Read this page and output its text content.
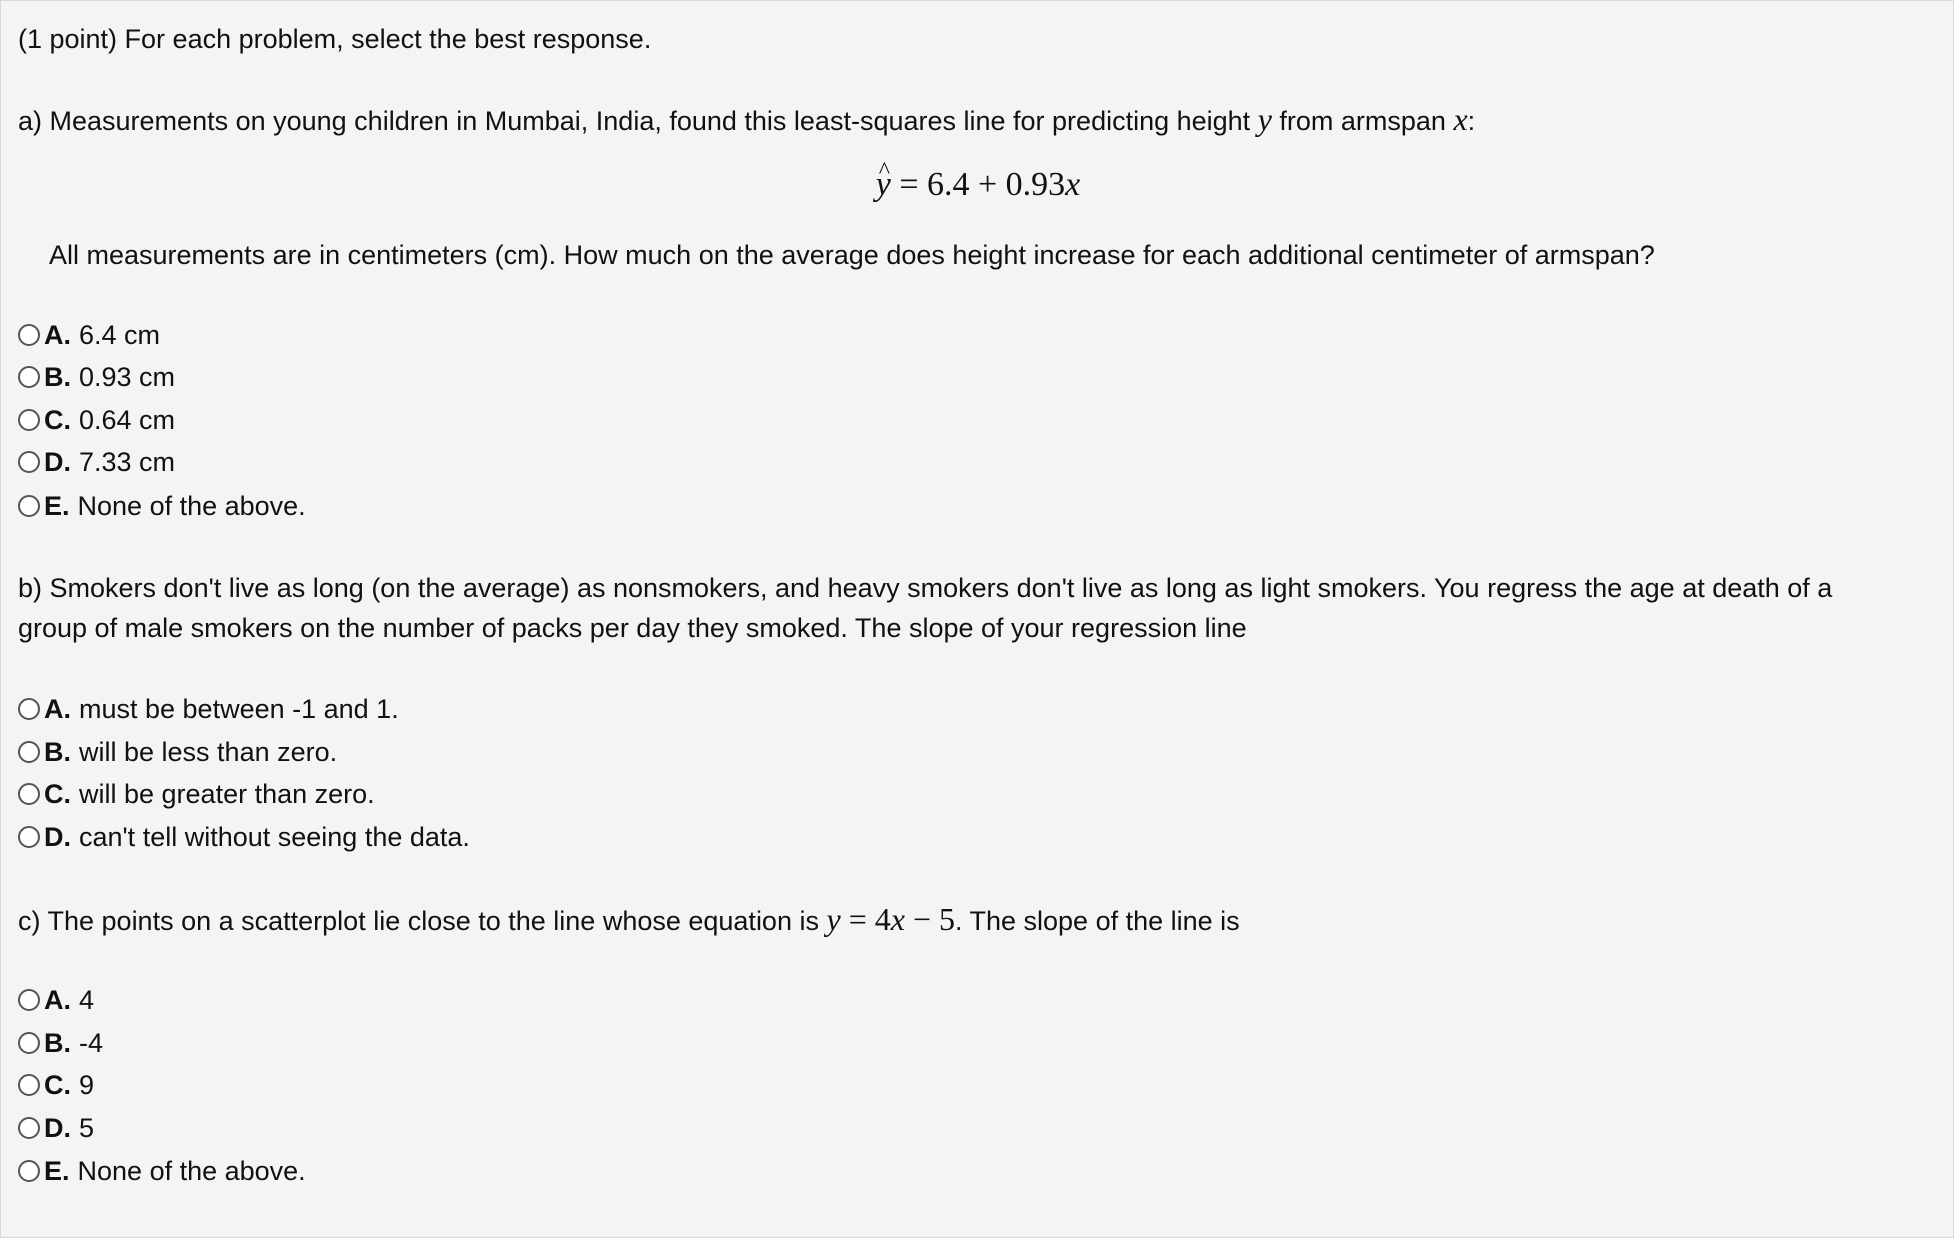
(1 point) For each problem, select the best response.
a) Measurements on young children in Mumbai, India, found this least-squares line for predicting height y from armspan x:
^ y = 6.4 + 0.93x
All measurements are in centimeters (cm). How much on the average does height increase for each additional centimeter of armspan?
A. 6.4 cm
B. 0.93 cm
C. 0.64 cm
D. 7.33 cm
E. None of the above.
b) Smokers don't live as long (on the average) as nonsmokers, and heavy smokers don't live as long as light smokers. You regress the age at death of a
group of male smokers on the number of packs per day they smoked. The slope of your regression line
A. must be between -1 and 1.
B. will be less than zero.
C. will be greater than zero.
D. can't tell without seeing the data.
c) The points on a scatterplot lie close to the line whose equation is y = 4x − 5. The slope of the line is
A. 4
B. -4
C. 9
D. 5
E. None of the above.
